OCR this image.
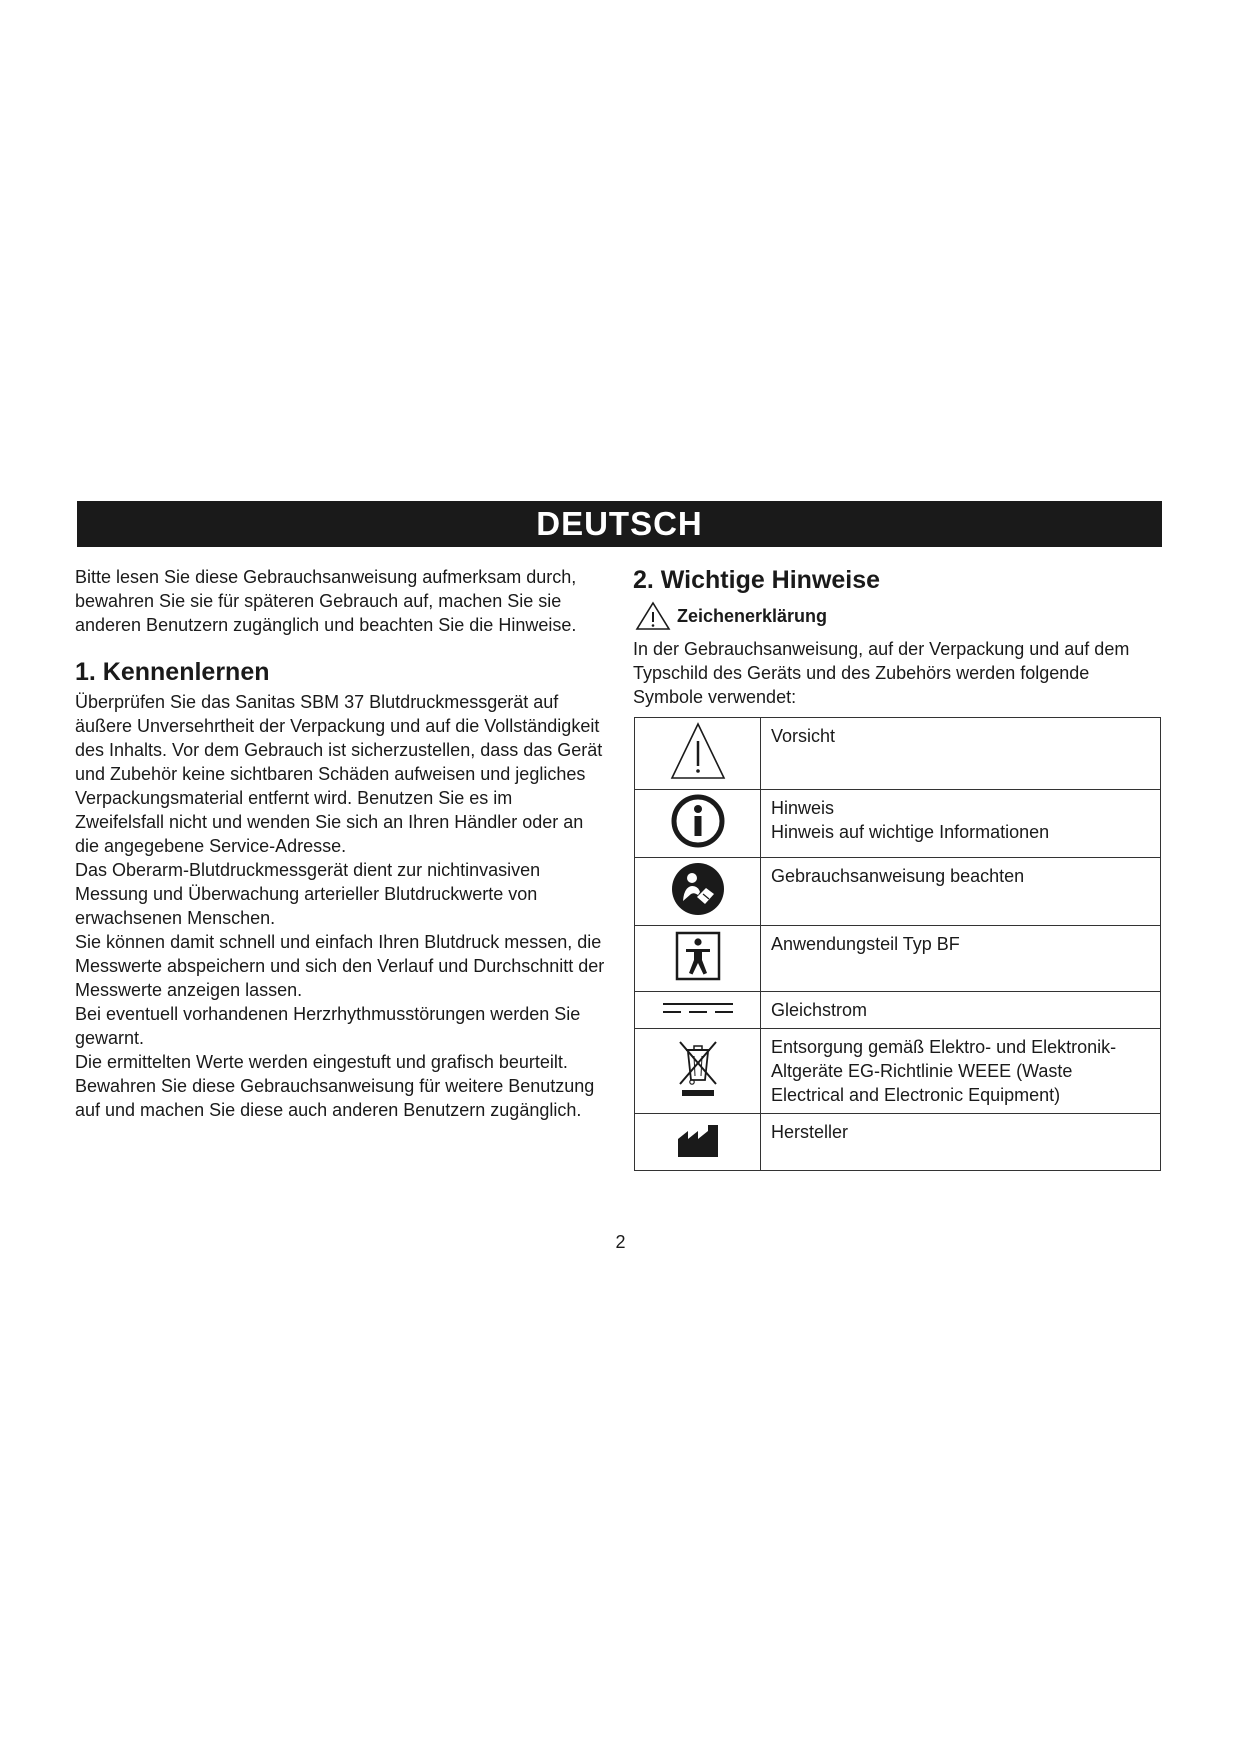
DEUTSCH

Bitte lesen Sie diese Gebrauchsanweisung aufmerksam durch, bewahren Sie sie für späteren Gebrauch auf, machen Sie sie anderen Benutzern zugänglich und beachten Sie die Hinweise.

1. Kennenlernen

Überprüfen Sie das Sanitas SBM 37 Blutdruckmessgerät auf äußere Unversehrtheit der Verpackung und auf die Vollständigkeit des Inhalts. Vor dem Gebrauch ist sicherzustellen, dass das Gerät und Zubehör keine sichtbaren Schäden aufweisen und jegliches Verpackungsmaterial entfernt wird. Benutzen Sie es im Zweifelsfall nicht und wenden Sie sich an Ihren Händler oder an die angegebene Service-Adresse.

Das Oberarm-Blutdruckmessgerät dient zur nichtinvasiven Messung und Überwachung arterieller Blutdruckwerte von erwachsenen Menschen.

Sie können damit schnell und einfach Ihren Blutdruck messen, die Messwerte abspeichern und sich den Verlauf und Durchschnitt der Messwerte anzeigen lassen.

Bei eventuell vorhandenen Herzrhythmusstörungen werden Sie gewarnt.

Die ermittelten Werte werden eingestuft und grafisch beurteilt. Bewahren Sie diese Gebrauchsanweisung für weitere Benutzung auf und machen Sie diese auch anderen Benutzern zugänglich.

2. Wichtige Hinweise
Zeichenerklärung

In der Gebrauchsanweisung, auf der Verpackung und auf dem Typschild des Geräts und des Zubehörs werden folgende Symbole verwendet:

Vorsicht

Hinweis
Hinweis auf wichtige Informationen

Gebrauchsanweisung beachten

Anwendungsteil Typ BF

Gleichstrom

Entsorgung gemäß Elektro- und Elektronik-Altgeräte EG-Richtlinie WEEE (Waste Electrical and Electronic Equipment)

Hersteller
2
